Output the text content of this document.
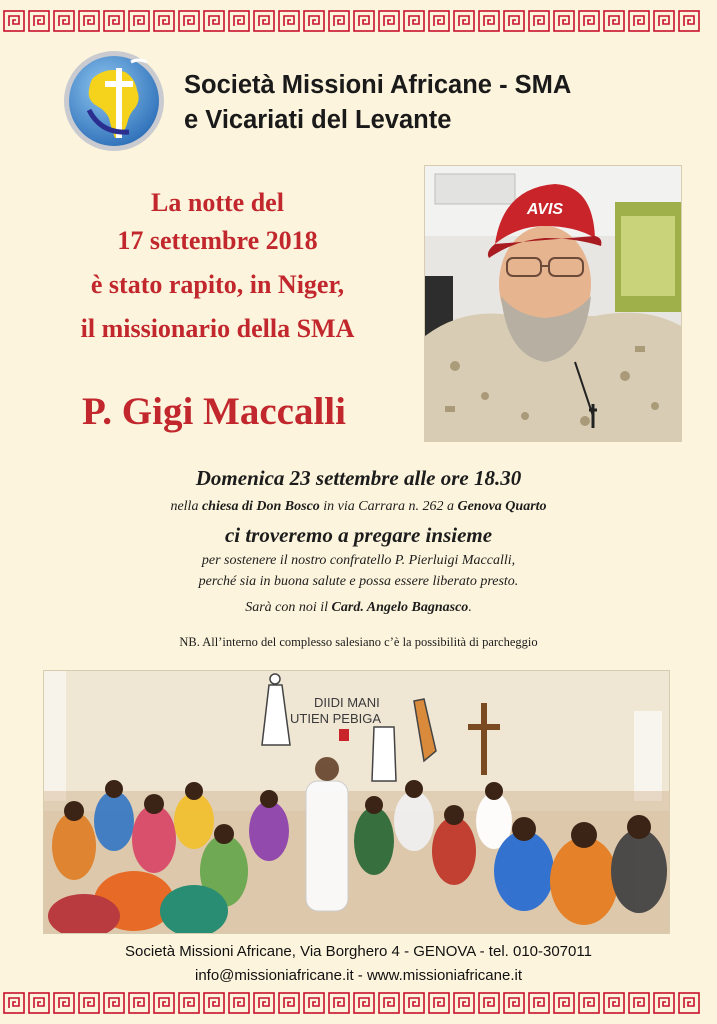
Società Missioni Africane - SMA
e Vicariati del Levante
La notte del
17 settembre 2018
è stato rapito, in Niger,
il missionario della SMA
P. Gigi Maccalli
AVIS
Domenica 23 settembre alle ore 18.30
nella chiesa di Don Bosco in via Carrara n. 262 a Genova Quarto
ci troveremo a pregare insieme
per sostenere il nostro confratello P. Pierluigi Maccalli,
perché sia in buona salute e possa essere liberato presto.
Sarà con noi il Card. Angelo Bagnasco.
NB. All’interno del complesso salesiano c’è la possibilità di parcheggio
DIIDI MANI
UTIEN PEBIGA
Società Missioni Africane, Via Borghero 4 - GENOVA - tel. 010-307011
info@missioniafricane.it - www.missioniafricane.it
